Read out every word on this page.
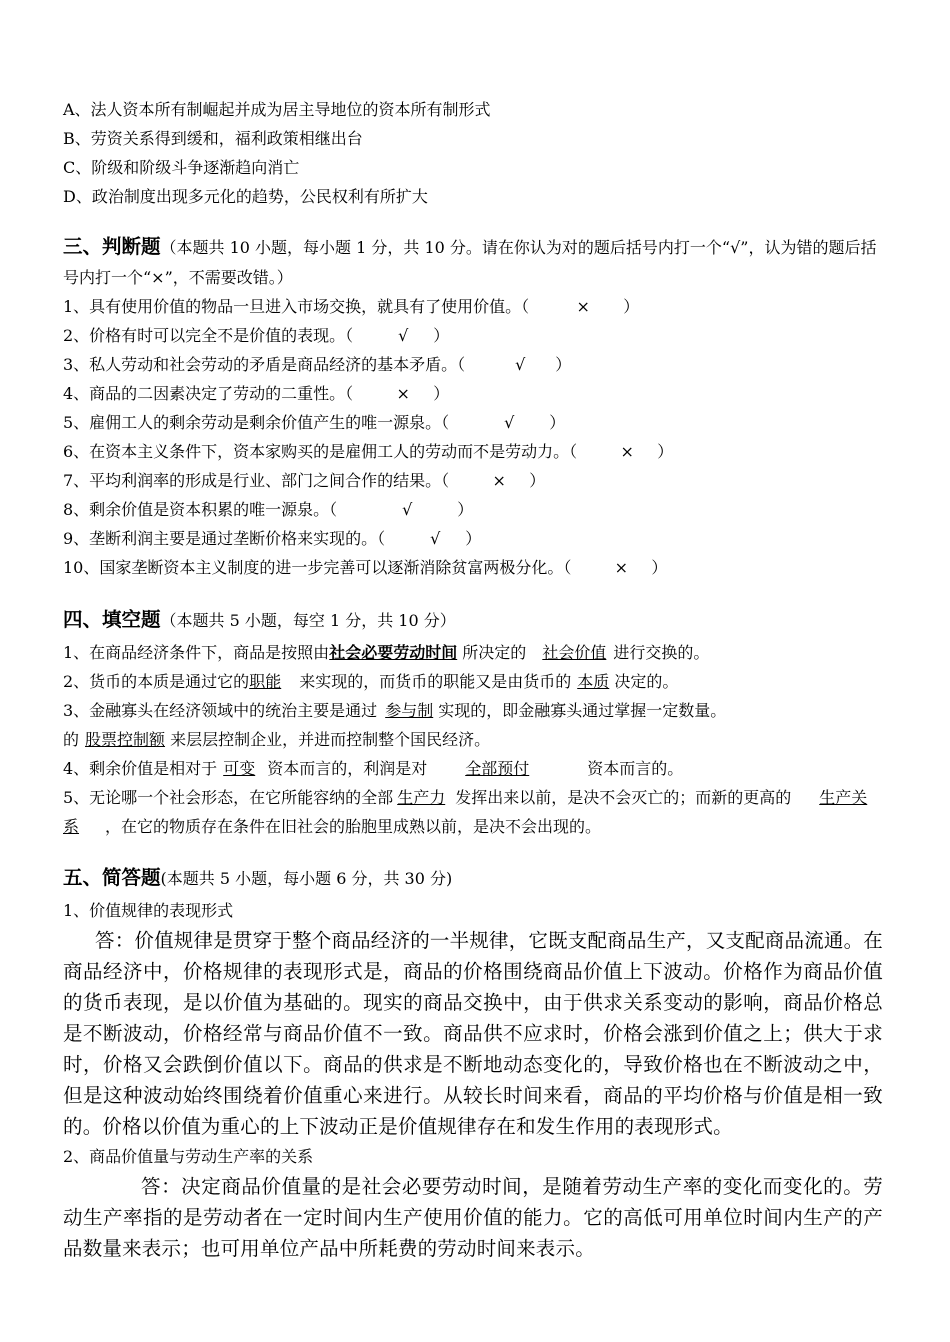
A、法人资本所有制崛起并成为居主导地位的资本所有制形式
B、劳资关系得到缓和，福利政策相继出台
C、阶级和阶级斗争逐渐趋向消亡
D、政治制度出现多元化的趋势，公民权利有所扩大
三、判断题（本题共 10 小题，每小题 1 分，共 10 分。请在你认为对的题后括号内打一个“√”，认为错的题后括号内打一个“×”，不需要改错。）
1、具有使用价值的物品一旦进入市场交换，就具有了使用价值。（	× ）
2、价格有时可以完全不是价值的表现。（	√ ）
3、私人劳动和社会劳动的矛盾是商品经济的基本矛盾。（	√ ）
4、商品的二因素决定了劳动的二重性。（	× ）
5、雇佣工人的剩余劳动是剩余价值产生的唯一源泉。（	√ ）
6、在资本主义条件下，资本家购买的是雇佣工人的劳动而不是劳动力。（	× ）
7、平均利润率的形成是行业、部门之间合作的结果。（	× ）
8、剩余价值是资本积累的唯一源泉。（	√	）
9、垄断利润主要是通过垄断价格来实现的。（	√ ）
10、国家垄断资本主义制度的进一步完善可以逐渐消除贫富两极分化。（	× ）
四、填空题（本题共 5 小题，每空 1 分，共 10 分）
1、在商品经济条件下，商品是按照由社会必要劳动时间 所决定的 社会价值 进行交换的。
2、货币的本质是通过它的职能 来实现的，而货币的职能又是由货币的 本质 决定的。
3、金融寡头在经济领域中的统治主要是通过 参与制 实现的，即金融寡头通过掌握一定数量。
的 股票控制额 来层层控制企业，并进而控制整个国民经济。
4、剩余价值是相对于 可变 资本而言的，利润是对 全部预付	资本而言的。
5、无论哪一个社会形态，在它所能容纳的全部 生产力 发挥出来以前，是决不会灭亡的；而新的更高的 生产关系 ，在它的物质存在条件在旧社会的胎胞里成熟以前，是决不会出现的。
五、简答题(本题共 5 小题，每小题 6 分，共 30 分)
1、价值规律的表现形式
答：价值规律是贯穿于整个商品经济的一半规律，它既支配商品生产，又支配商品流通。在商品经济中，价格规律的表现形式是，商品的价格围绕商品价值上下波动。价格作为商品价值的货币表现，是以价值为基础的。现实的商品交换中，由于供求关系变动的影响，商品价格总是不断波动，价格经常与商品价值不一致。商品供不应求时，价格会涨到价值之上；供大于求时，价格又会跌倒价值以下。商品的供求是不断地动态变化的，导致价格也在不断波动之中，但是这种波动始终围绕着价值重心来进行。从较长时间来看，商品的平均价格与价值是相一致的。价格以价值为重心的上下波动正是价值规律存在和发生作用的表现形式。
2、商品价值量与劳动生产率的关系
答：决定商品价值量的是社会必要劳动时间，是随着劳动生产率的变化而变化的。劳动生产率指的是劳动者在一定时间内生产使用价值的能力。它的高低可用单位时间内生产的产品数量来表示；也可用单位产品中所耗费的劳动时间来表示。
